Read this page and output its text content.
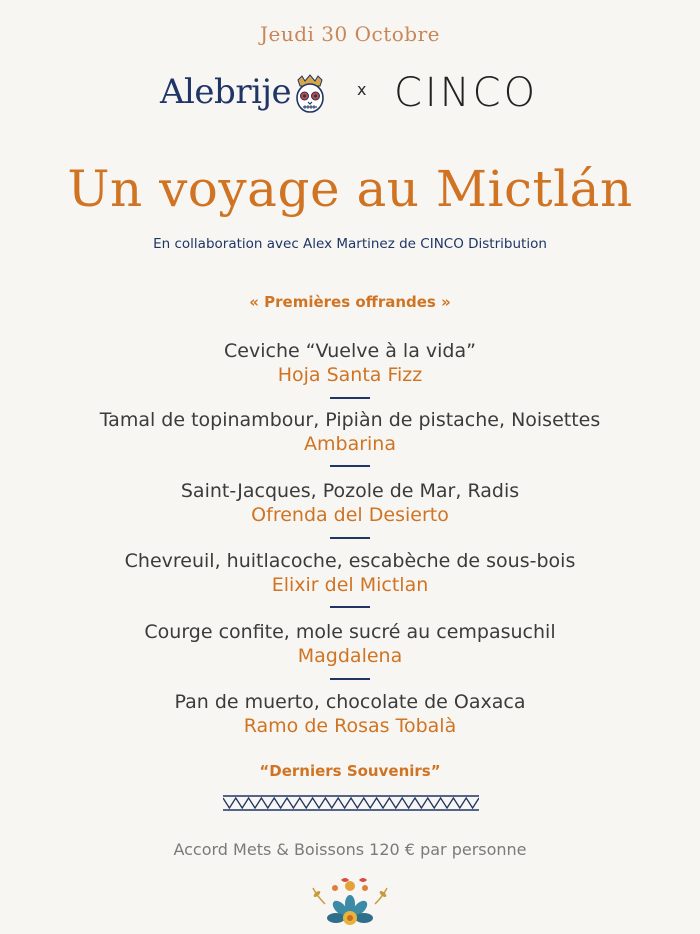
Jeudi 30 Octobre
Alebrije	x CINCO
Un voyage au Mictlán
En collaboration avec Alex Martinez de CINCO Distribution
« Premières offrandes »
Ceviche “Vuelve à la vida”
Hoja Santa Fizz
Tamal de topinambour, Pipiàn de pistache, Noisettes
Ambarina
Saint-Jacques, Pozole de Mar, Radis
Ofrenda del Desierto
Chevreuil, huitlacoche, escabèche de sous-bois
Elixir del Mictlan
Courge confite, mole sucré au cempasuchil
Magdalena
Pan de muerto, chocolate de Oaxaca
Ramo de Rosas Tobalà
“Derniers Souvenirs”
Accord Mets & Boissons 120 € par personne
